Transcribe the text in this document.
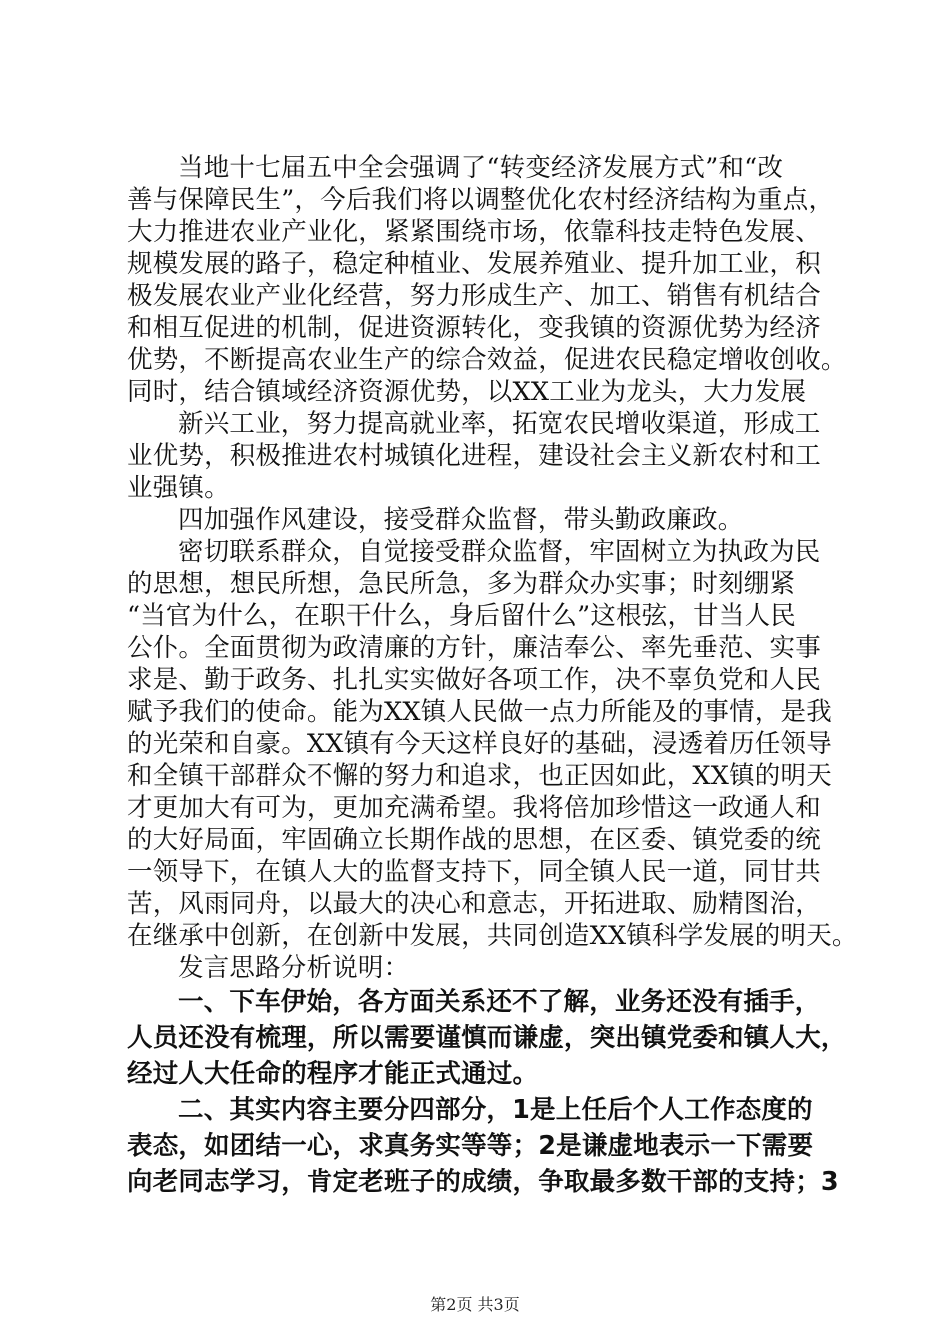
当地十七届五中全会强调了“转变经济发展方式”和“改
善与保障民生”，今后我们将以调整优化农村经济结构为重点，
大力推进农业产业化，紧紧围绕市场，依靠科技走特色发展、
规模发展的路子，稳定种植业、发展养殖业、提升加工业，积
极发展农业产业化经营，努力形成生产、加工、销售有机结合
和相互促进的机制，促进资源转化，变我镇的资源优势为经济
优势，不断提高农业生产的综合效益，促进农民稳定增收创收。
同时，结合镇域经济资源优势，以XX工业为龙头，大力发展
新兴工业，努力提高就业率，拓宽农民增收渠道，形成工
业优势，积极推进农村城镇化进程，建设社会主义新农村和工
业强镇。
四加强作风建设，接受群众监督，带头勤政廉政。
密切联系群众，自觉接受群众监督，牢固树立为执政为民
的思想，想民所想，急民所急，多为群众办实事；时刻绷紧
“当官为什么，在职干什么，身后留什么”这根弦，甘当人民
公仆。全面贯彻为政清廉的方针，廉洁奉公、率先垂范、实事
求是、勤于政务、扎扎实实做好各项工作，决不辜负党和人民
赋予我们的使命。能为XX镇人民做一点力所能及的事情，是我
的光荣和自豪。XX镇有今天这样良好的基础，浸透着历任领导
和全镇干部群众不懈的努力和追求，也正因如此，XX镇的明天
才更加大有可为，更加充满希望。我将倍加珍惜这一政通人和
的大好局面，牢固确立长期作战的思想，在区委、镇党委的统
一领导下，在镇人大的监督支持下，同全镇人民一道，同甘共
苦，风雨同舟，以最大的决心和意志，开拓进取、励精图治，
在继承中创新，在创新中发展，共同创造XX镇科学发展的明天。
发言思路分析说明：
一、下车伊始，各方面关系还不了解，业务还没有插手，
人员还没有梳理，所以需要谨慎而谦虚，突出镇党委和镇人大，
经过人大任命的程序才能正式通过。
二、其实内容主要分四部分，1是上任后个人工作态度的
表态，如团结一心，求真务实等等；2是谦虚地表示一下需要
向老同志学习，肯定老班子的成绩，争取最多数干部的支持；3
第2页 共3页
